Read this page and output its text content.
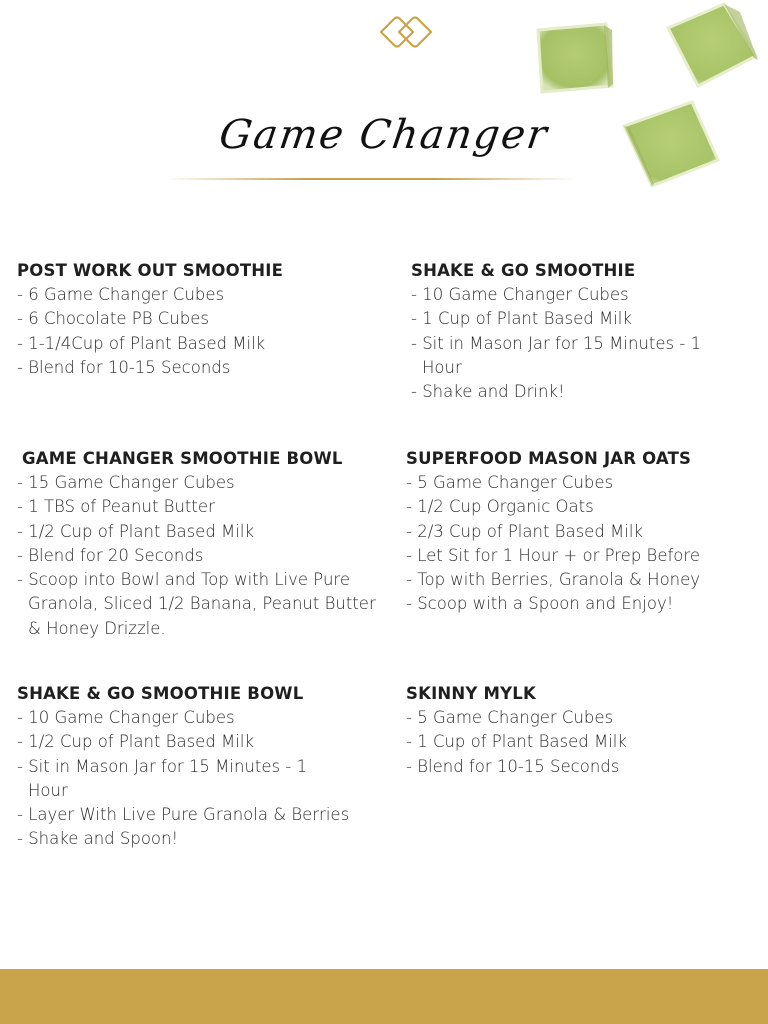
Game Changer
POST WORK OUT SMOOTHIE
- 6 Game Changer Cubes
- 6 Chocolate PB Cubes
- 1-1/4Cup of Plant Based Milk
- Blend for 10-15 Seconds
SHAKE & GO SMOOTHIE
- 10 Game Changer Cubes
- 1 Cup of Plant Based Milk
- Sit in Mason Jar for 15 Minutes - 1 Hour
- Shake and Drink!
GAME CHANGER SMOOTHIE BOWL
- 15 Game Changer Cubes
- 1 TBS of Peanut Butter
- 1/2 Cup of Plant Based Milk
- Blend for 20 Seconds
- Scoop into Bowl and Top with Live Pure Granola, Sliced 1/2 Banana, Peanut Butter & Honey Drizzle.
SUPERFOOD MASON JAR OATS
- 5 Game Changer Cubes
- 1/2 Cup Organic Oats
- 2/3 Cup of Plant Based Milk
- Let Sit for 1 Hour + or Prep Before
- Top with Berries, Granola & Honey
- Scoop with a Spoon and Enjoy!
SHAKE & GO SMOOTHIE BOWL
- 10 Game Changer Cubes
- 1/2 Cup of Plant Based Milk
- Sit in Mason Jar for 15 Minutes - 1 Hour
- Layer With Live Pure Granola & Berries
- Shake and Spoon!
SKINNY MYLK
- 5 Game Changer Cubes
- 1 Cup of Plant Based Milk
- Blend for 10-15 Seconds
